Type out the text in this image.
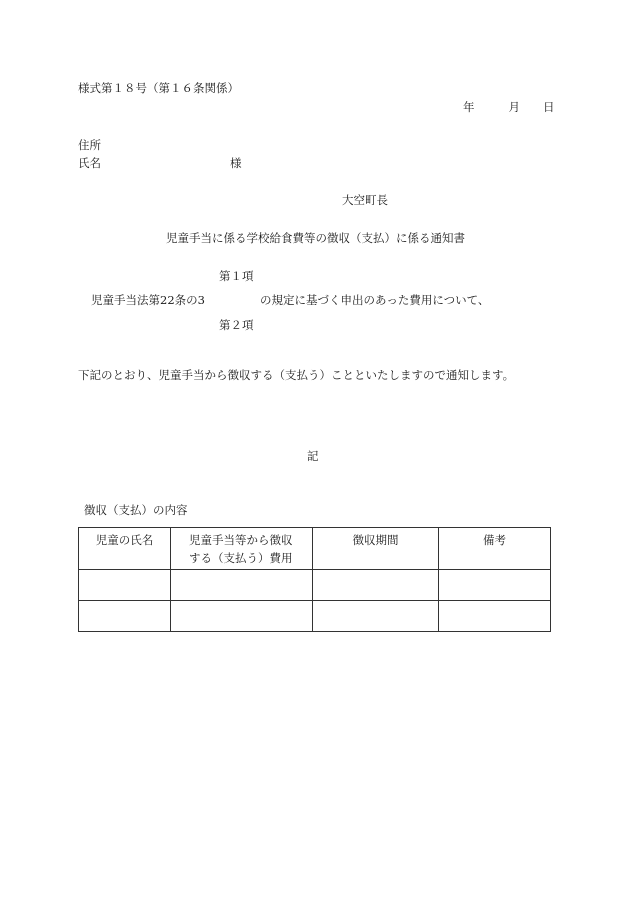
様式第１８号（第１６条関係）
年	月 日
住所
氏名	様
大空町長
児童手当に係る学校給食費等の徴収（支払）に係る通知書
第１項
児童手当法第22条の3	の規定に基づく申出のあった費用について、
第２項
下記のとおり、児童手当から徴収する（支払う）ことといたしますので通知します。
記
徴収（支払）の内容
児童の氏名	児童手当等から徴収
する（支払う）費用	徴収期間	備考
